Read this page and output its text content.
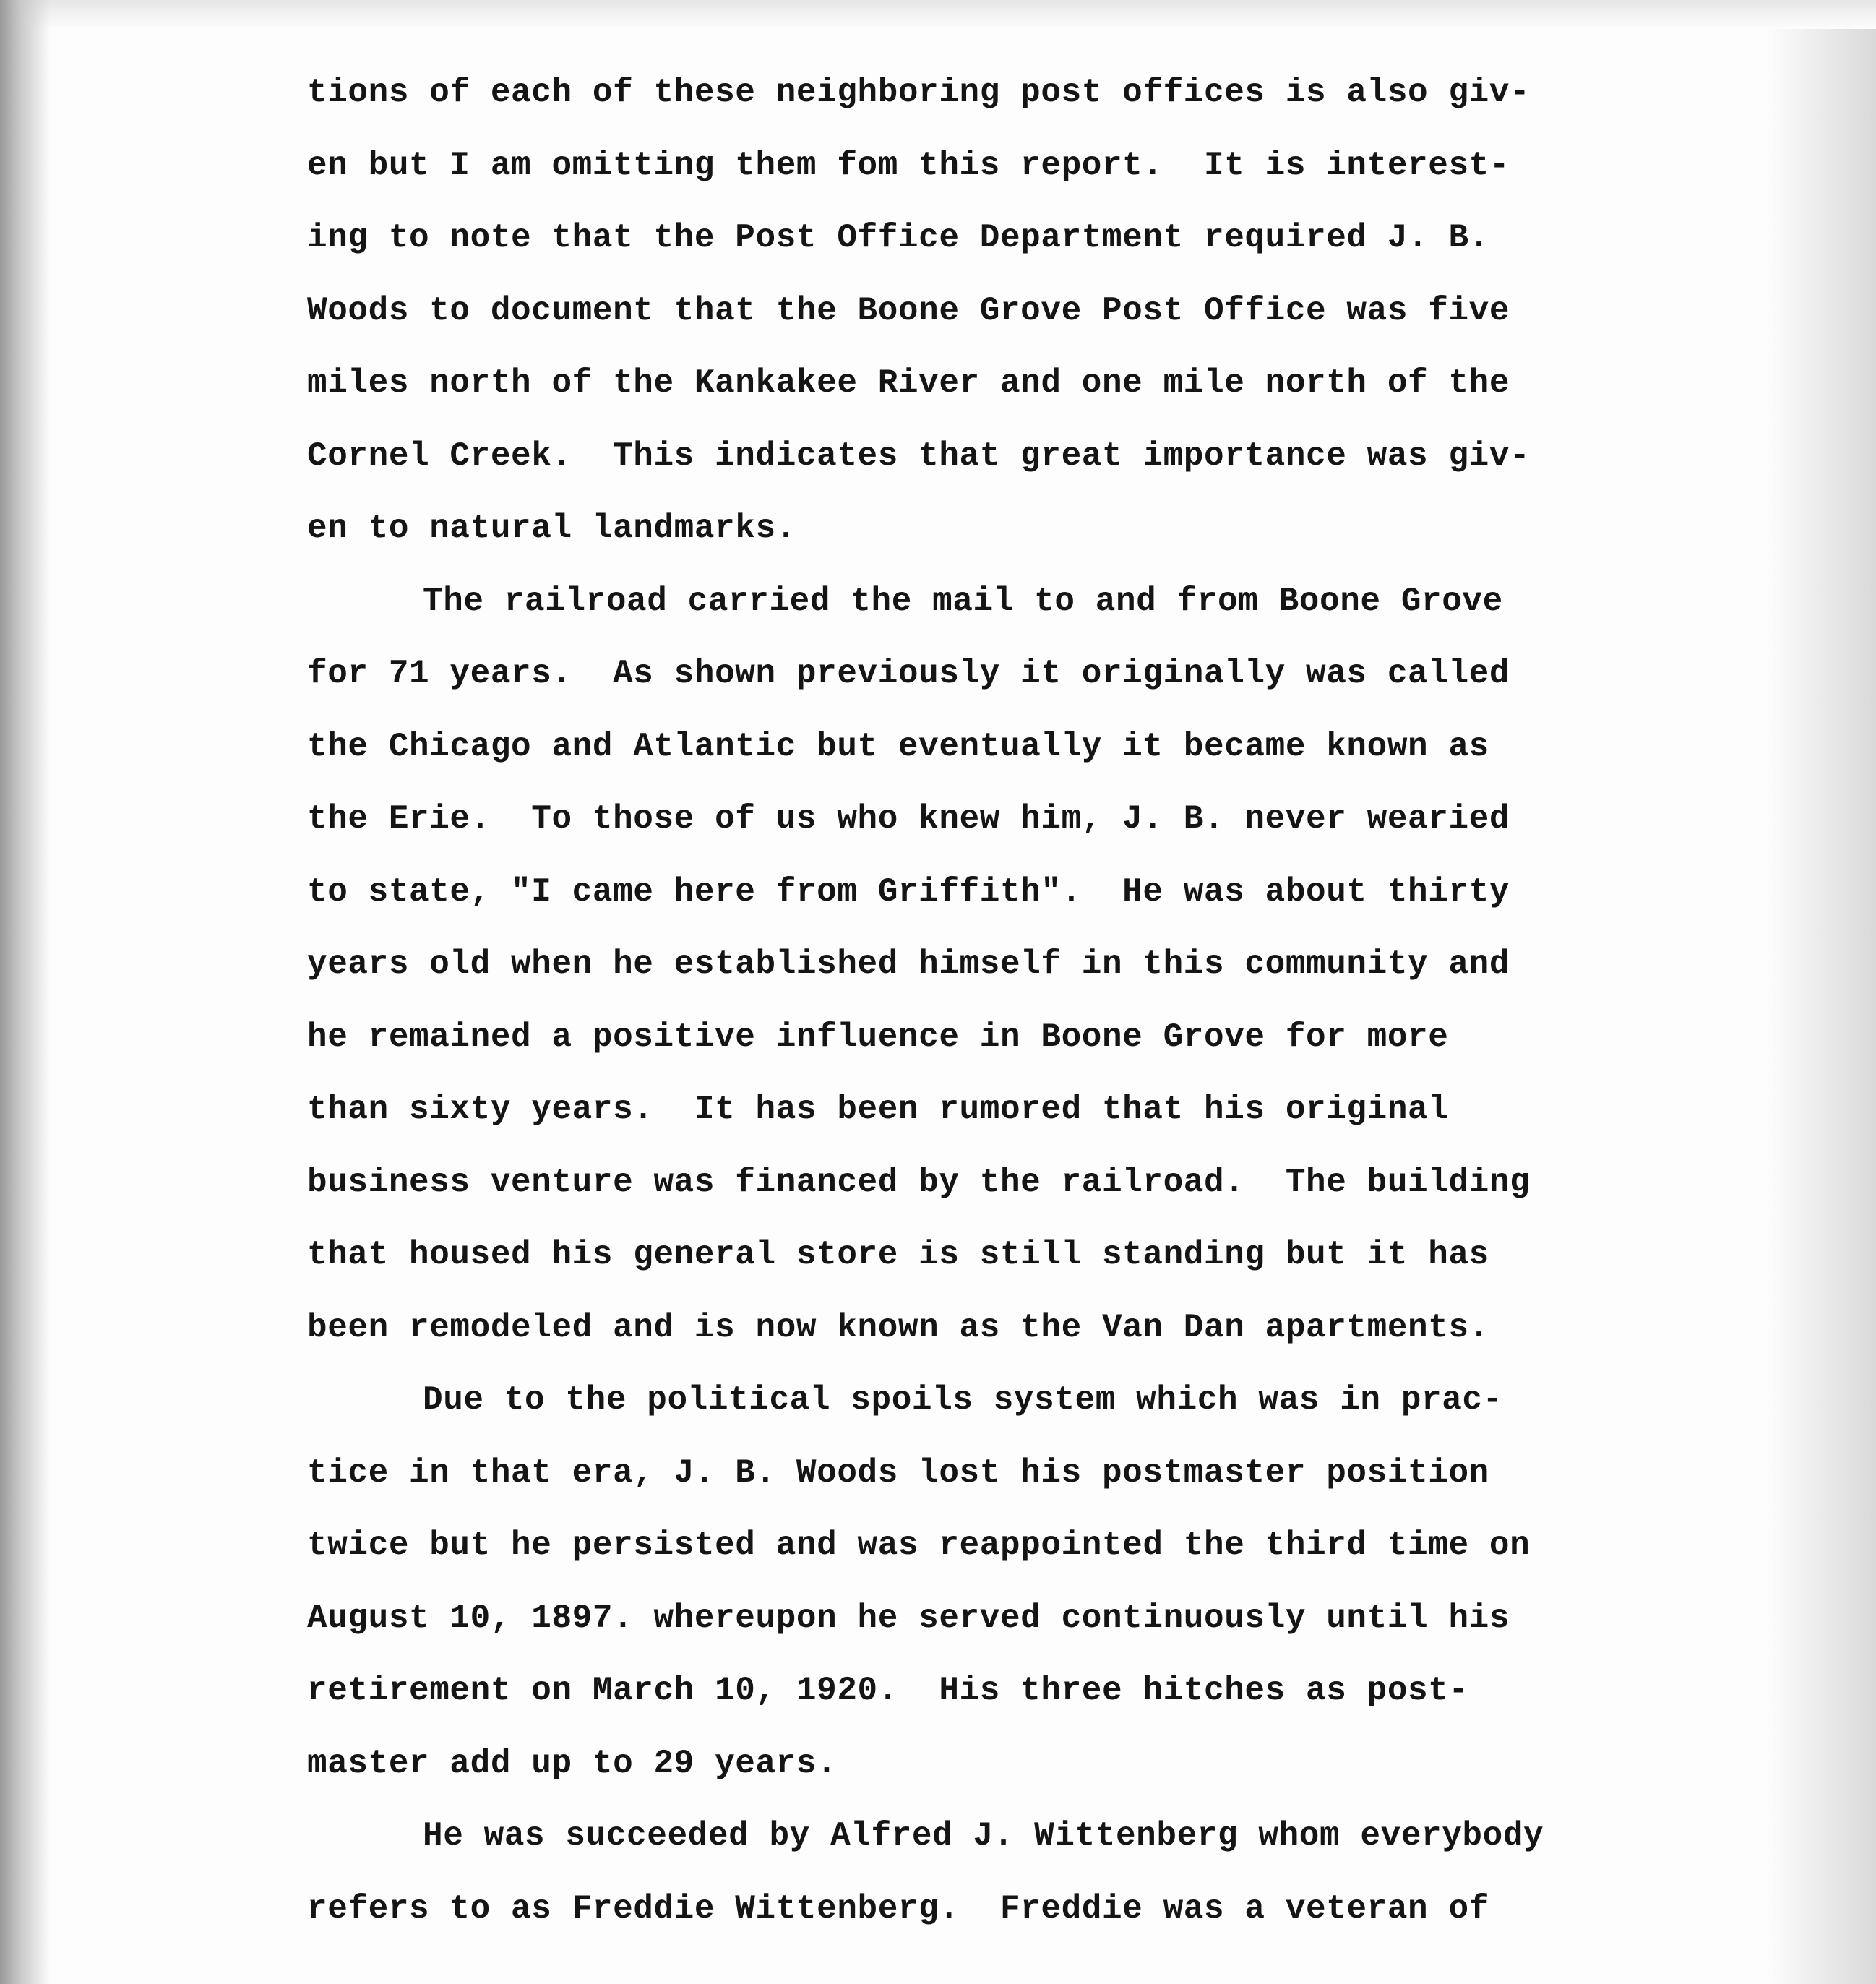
tions of each of these neighboring post offices is also giv-
en but I am omitting them fom this report.  It is interest-
ing to note that the Post Office Department required J. B.
Woods to document that the Boone Grove Post Office was five
miles north of the Kankakee River and one mile north of the
Cornel Creek.  This indicates that great importance was giv-
en to natural landmarks.
The railroad carried the mail to and from Boone Grove
for 71 years.  As shown previously it originally was called
the Chicago and Atlantic but eventually it became known as
the Erie.  To those of us who knew him, J. B. never wearied
to state, "I came here from Griffith".  He was about thirty
years old when he established himself in this community and
he remained a positive influence in Boone Grove for more
than sixty years.  It has been rumored that his original
business venture was financed by the railroad.  The building
that housed his general store is still standing but it has
been remodeled and is now known as the Van Dan apartments.
Due to the political spoils system which was in prac-
tice in that era, J. B. Woods lost his postmaster position
twice but he persisted and was reappointed the third time on
August 10, 1897. whereupon he served continuously until his
retirement on March 10, 1920.  His three hitches as post-
master add up to 29 years.
He was succeeded by Alfred J. Wittenberg whom everybody
refers to as Freddie Wittenberg.  Freddie was a veteran of
